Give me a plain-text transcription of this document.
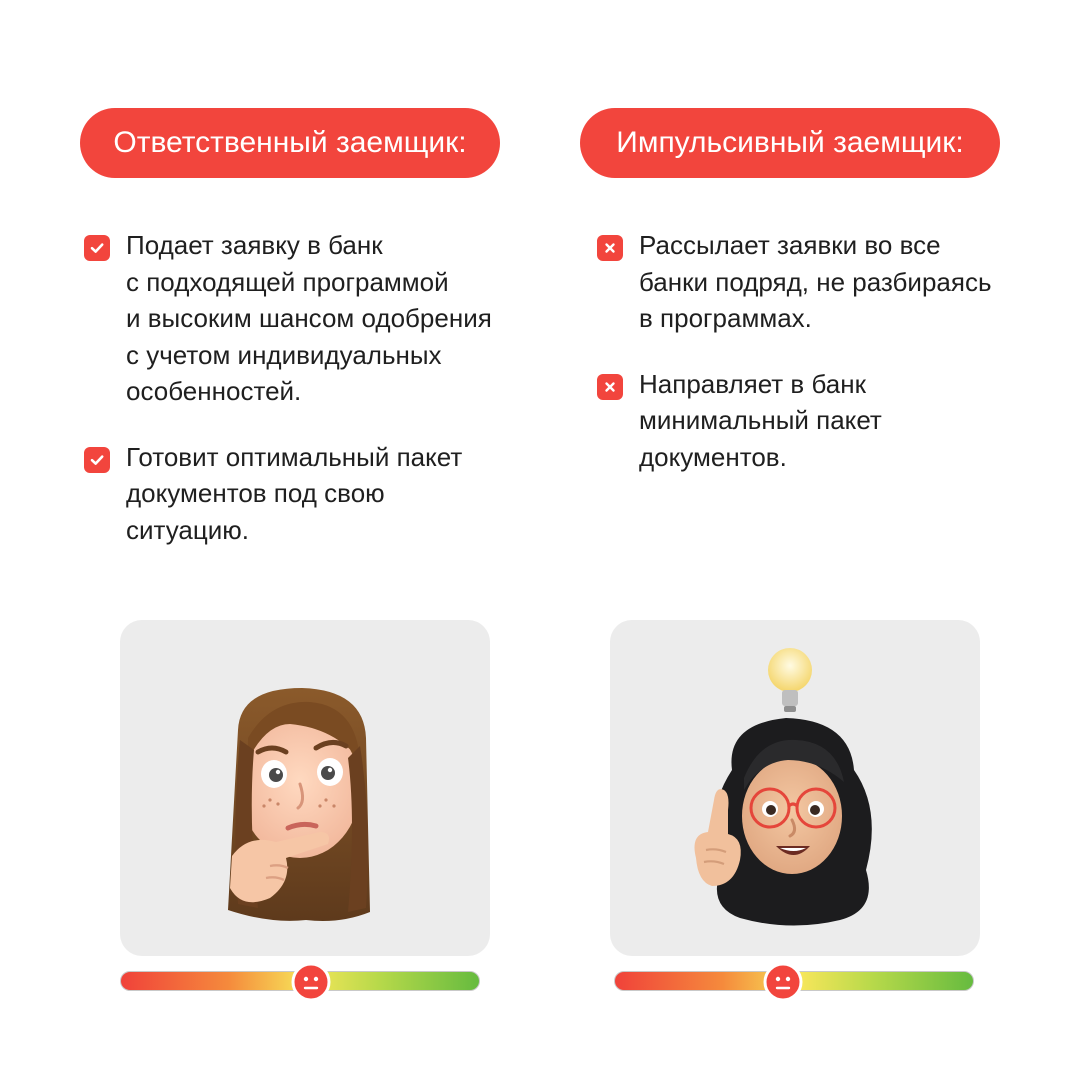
Ответственный заемщик:	Импульсивный заемщик:
Подает заявку в банк
с подходящей программой
и высоким шансом одобрения
с учетом индивидуальных
особенностей.
Готовит оптимальный пакет
документов под свою
ситуацию.
Рассылает заявки во все
банки подряд, не разбираясь
в программах.
Направляет в банк
минимальный пакет
документов.
